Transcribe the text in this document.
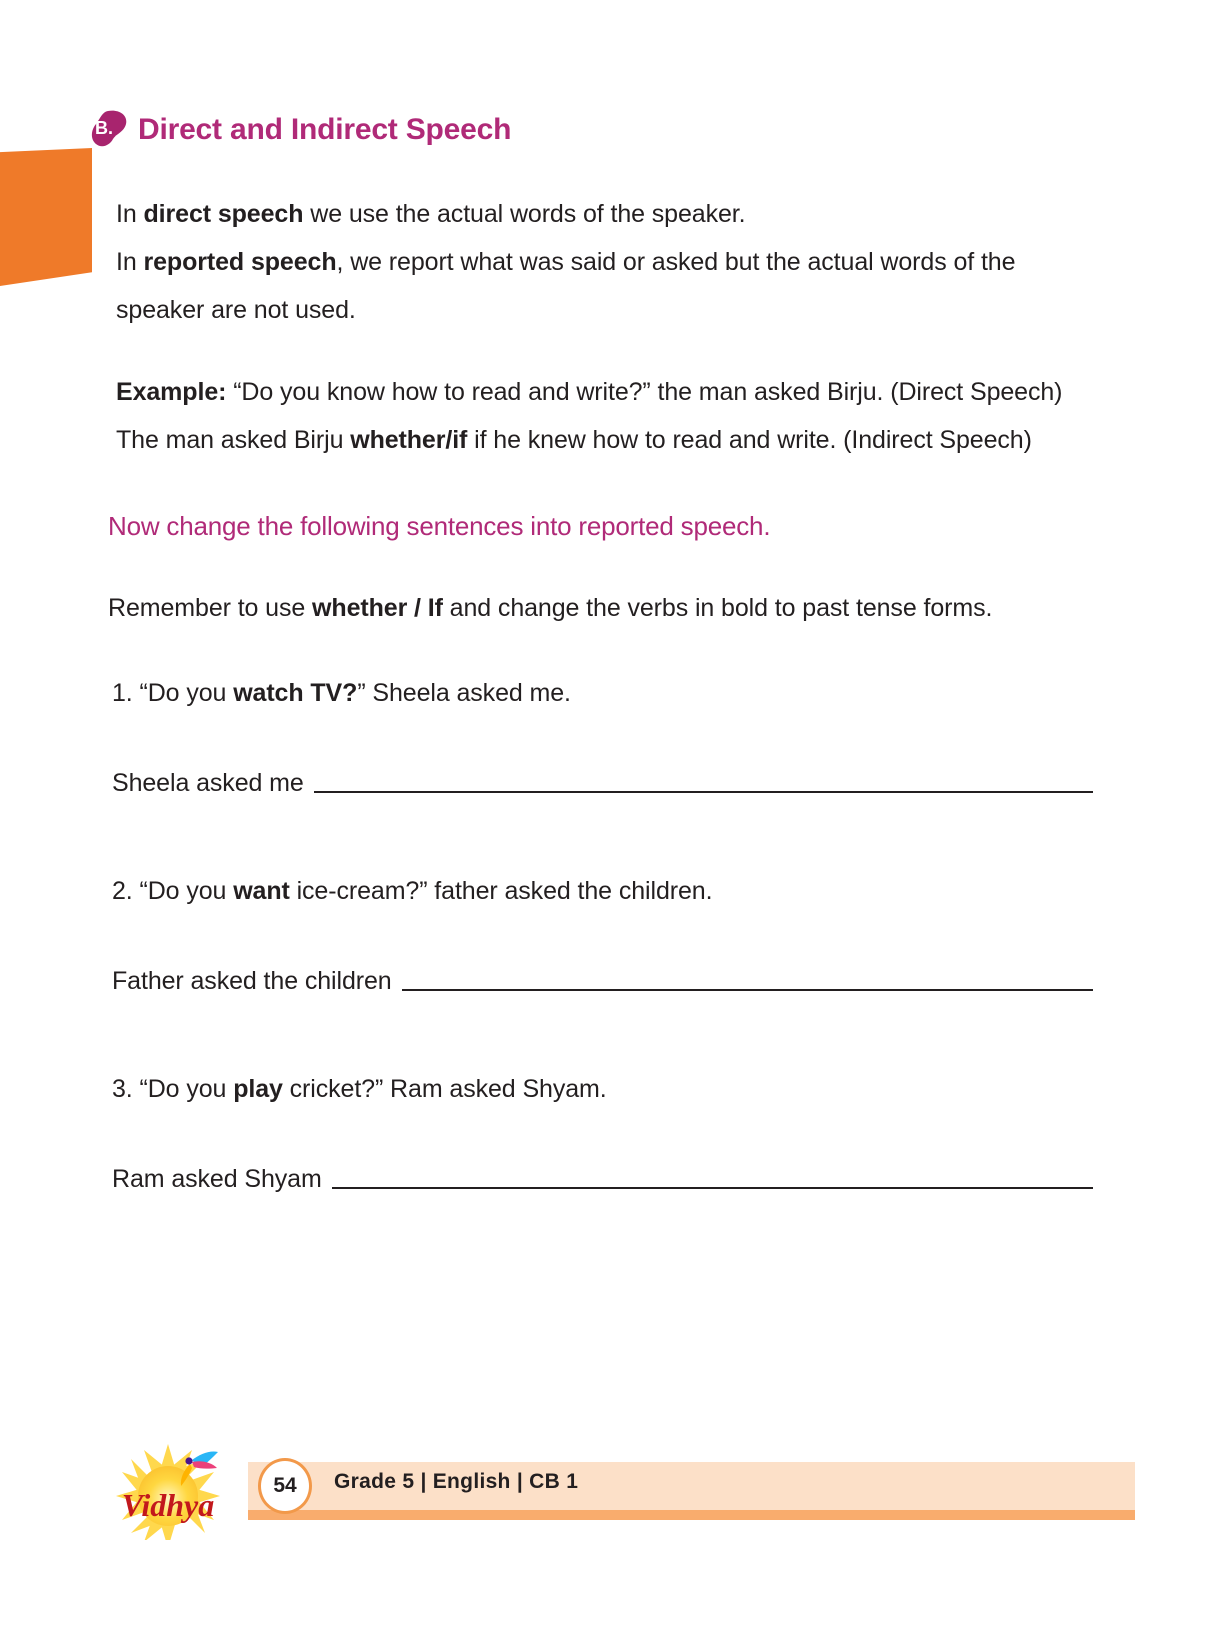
B. Direct and Indirect Speech

In direct speech we use the actual words of the speaker.

In reported speech, we report what was said or asked but the actual words of the speaker are not used.

Example: “Do you know how to read and write?” the man asked Birju. (Direct Speech) The man asked Birju whether/if if he knew how to read and write. (Indirect Speech)

Now change the following sentences into reported speech.

Remember to use whether / If and change the verbs in bold to past tense forms.

1. “Do you watch TV?” Sheela asked me.

Sheela asked me

2. “Do you want ice-cream?” father asked the children.

Father asked the children

3. “Do you play cricket?” Ram asked Shyam.

Ram asked Shyam
Vidhya
54	Grade 5 | English | CB 1
